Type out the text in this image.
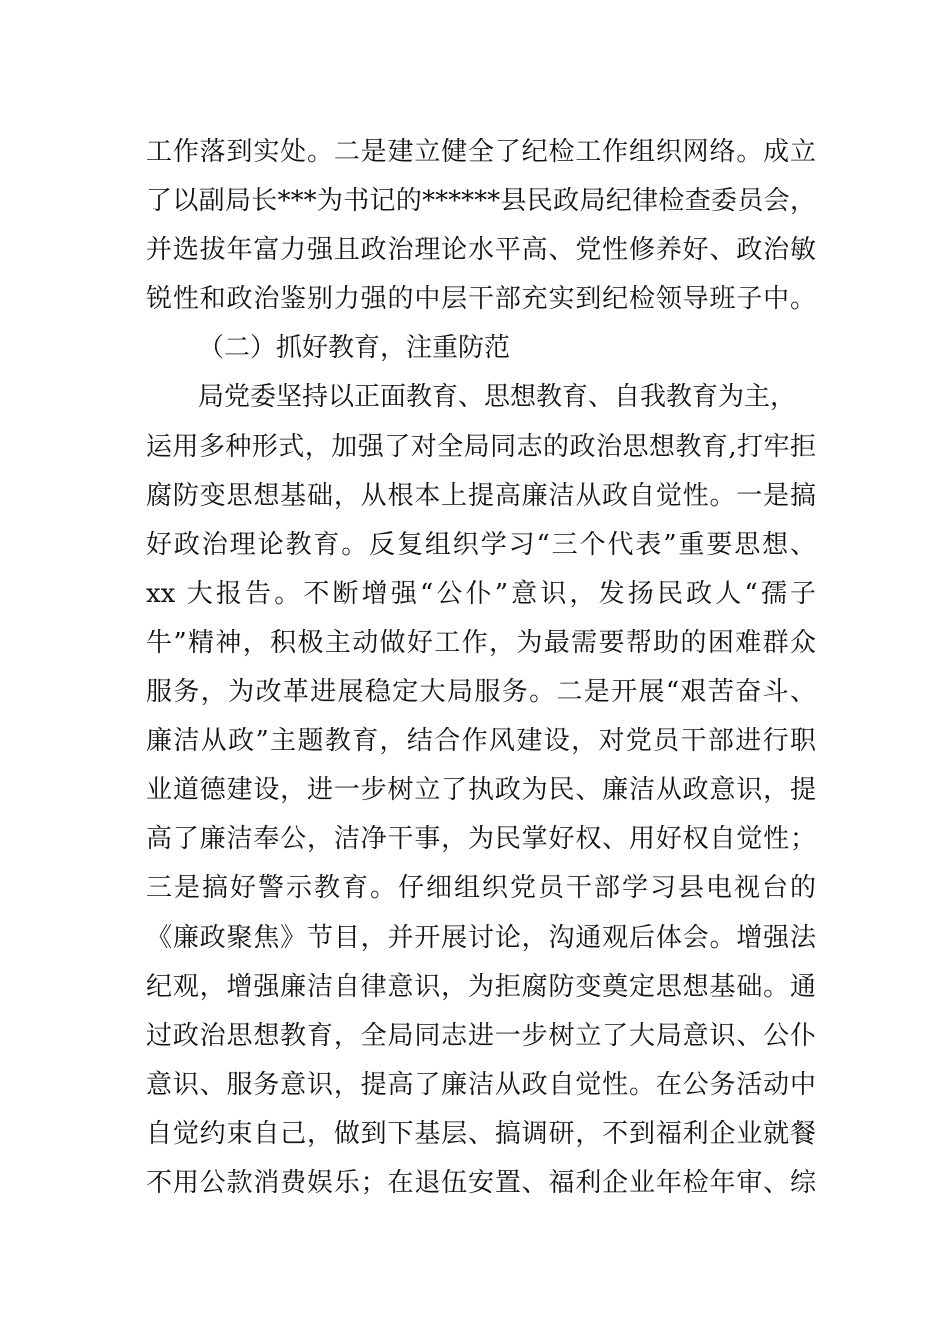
工作落到实处。二是建立健全了纪检工作组织网络。成立
了以副局长***为书记的******县民政局纪律检查委员会，
并选拔年富力强且政治理论水平高、党性修养好、政治敏
锐性和政治鉴别力强的中层干部充实到纪检领导班子中。
（二）抓好教育，注重防范
局党委坚持以正面教育、思想教育、自我教育为主，
运用多种形式，加强了对全局同志的政治思想教育,打牢拒
腐防变思想基础，从根本上提高廉洁从政自觉性。一是搞
好政治理论教育。反复组织学习“三个代表”重要思想、
xx 大报告。不断增强“公仆”意识，发扬民政人“孺子
牛”精神，积极主动做好工作，为最需要帮助的困难群众
服务，为改革进展稳定大局服务。二是开展“艰苦奋斗、
廉洁从政”主题教育，结合作风建设，对党员干部进行职
业道德建设，进一步树立了执政为民、廉洁从政意识，提
高了廉洁奉公，洁净干事，为民掌好权、用好权自觉性；
三是搞好警示教育。仔细组织党员干部学习县电视台的
《廉政聚焦》节目，并开展讨论，沟通观后体会。增强法
纪观，增强廉洁自律意识，为拒腐防变奠定思想基础。通
过政治思想教育，全局同志进一步树立了大局意识、公仆
意识、服务意识，提高了廉洁从政自觉性。在公务活动中
自觉约束自己，做到下基层、搞调研，不到福利企业就餐
不用公款消费娱乐；在退伍安置、福利企业年检年审、综
